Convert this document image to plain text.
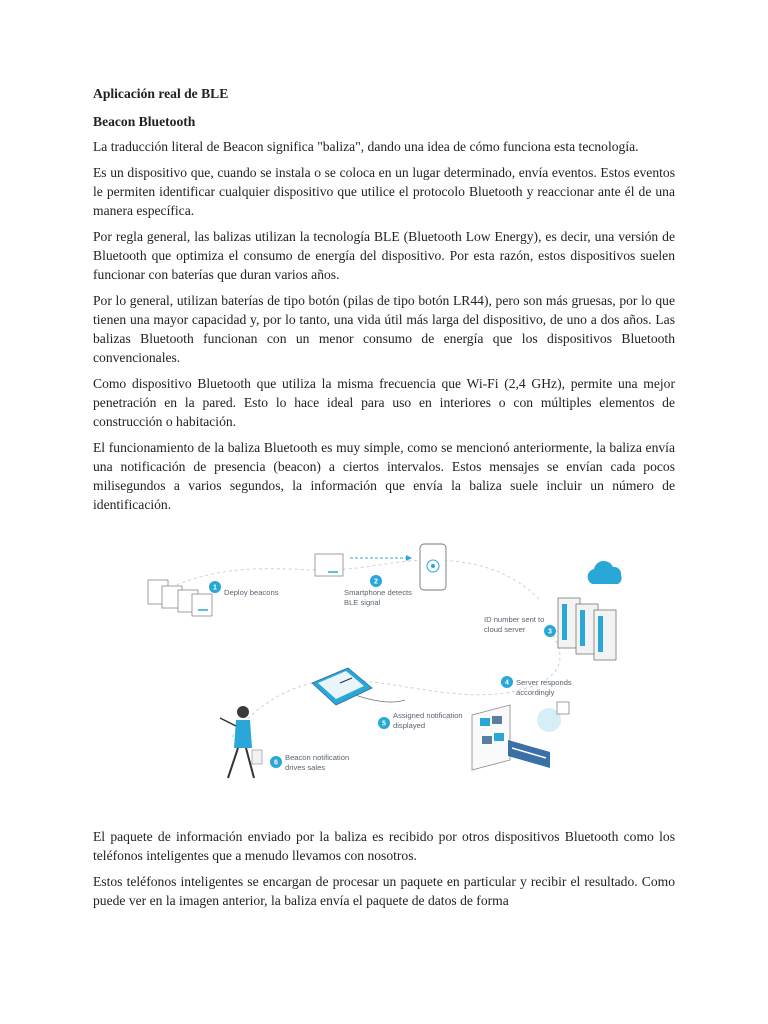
Aplicación real de BLE

Beacon Bluetooth

La traducción literal de Beacon significa "baliza", dando una idea de cómo funciona esta tecnología.

Es un dispositivo que, cuando se instala o se coloca en un lugar determinado, envía eventos. Estos eventos le permiten identificar cualquier dispositivo que utilice el protocolo Bluetooth y reaccionar ante él de una manera específica.

Por regla general, las balizas utilizan la tecnología BLE (Bluetooth Low Energy), es decir, una versión de Bluetooth que optimiza el consumo de energía del dispositivo. Por esta razón, estos dispositivos suelen funcionar con baterías que duran varios años.

Por lo general, utilizan baterías de tipo botón (pilas de tipo botón LR44), pero son más gruesas, por lo que tienen una mayor capacidad y, por lo tanto, una vida útil más larga del dispositivo, de uno a dos años. Las balizas Bluetooth funcionan con un menor consumo de energía que los dispositivos Bluetooth convencionales.

Como dispositivo Bluetooth que utiliza la misma frecuencia que Wi-Fi (2,4 GHz), permite una mejor penetración en la pared. Esto lo hace ideal para uso en interiores o con múltiples elementos de construcción o habitación.

El funcionamiento de la baliza Bluetooth es muy simple, como se mencionó anteriormente, la baliza envía una notificación de presencia (beacon) a ciertos intervalos. Estos mensajes se envían cada pocos milisegundos a varios segundos, la información que envía la baliza suele incluir un número de identificación.

1 Deploy beacons
2
Smartphone detects
BLE signal
ID number sent to
cloud server	3
4 Server responds
accordingly
5
Assigned notification
displayed
6
Beacon notification
drives sales

El paquete de información enviado por la baliza es recibido por otros dispositivos Bluetooth como los teléfonos inteligentes que a menudo llevamos con nosotros.

Estos teléfonos inteligentes se encargan de procesar un paquete en particular y recibir el resultado. Como puede ver en la imagen anterior, la baliza envía el paquete de datos de forma
